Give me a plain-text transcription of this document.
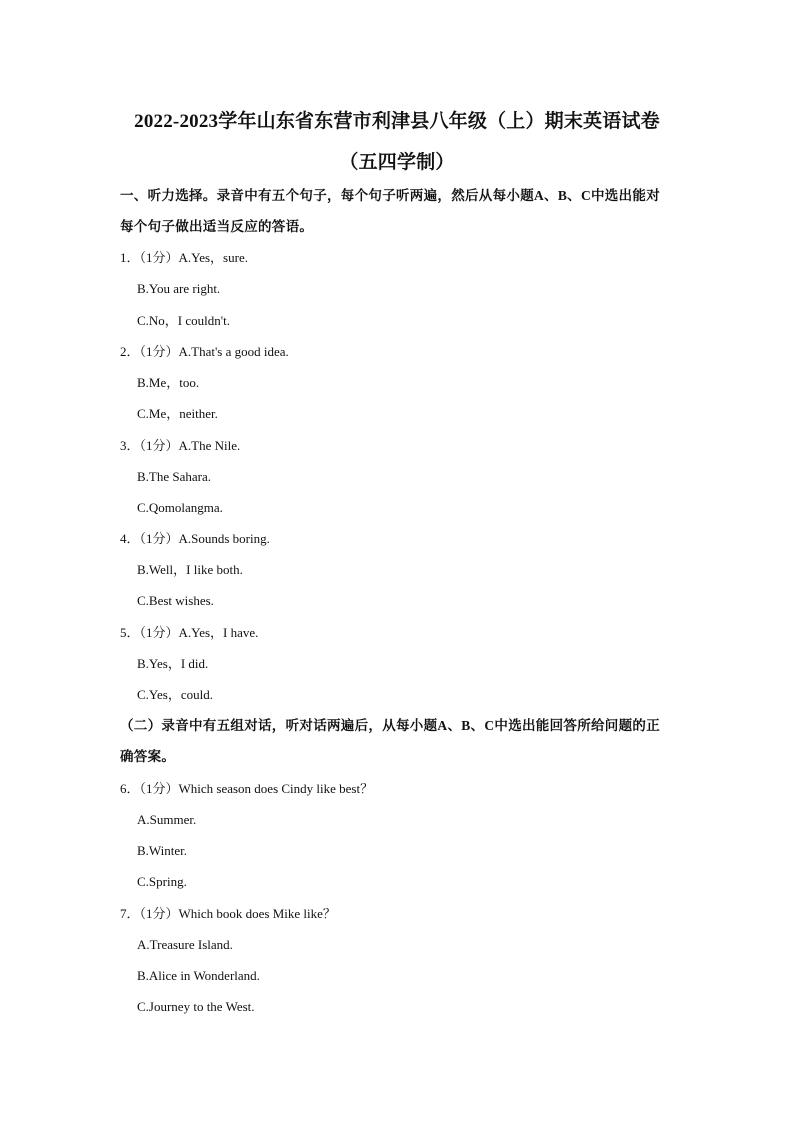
2022-2023学年山东省东营市利津县八年级（上）期末英语试卷
（五四学制）
一、听力选择。录音中有五个句子，每个句子听两遍，然后从每小题A、B、C中选出能对
每个句子做出适当反应的答语。
1．（1分）A.Yes，sure.
B.You are right.
C.No，I couldn't.
2．（1分）A.That's a good idea.
B.Me，too.
C.Me，neither.
3．（1分）A.The Nile.
B.The Sahara.
C.Qomolangma.
4．（1分）A.Sounds boring.
B.Well，I like both.
C.Best wishes.
5．（1分）A.Yes，I have.
B.Yes，I did.
C.Yes，could.
（二）录音中有五组对话，听对话两遍后，从每小题A、B、C中选出能回答所给问题的正
确答案。
6．（1分）Which season does Cindy like best？
A.Summer.
B.Winter.
C.Spring.
7．（1分）Which book does Mike like？
A.Treasure Island.
B.Alice in Wonderland.
C.Journey to the West.
